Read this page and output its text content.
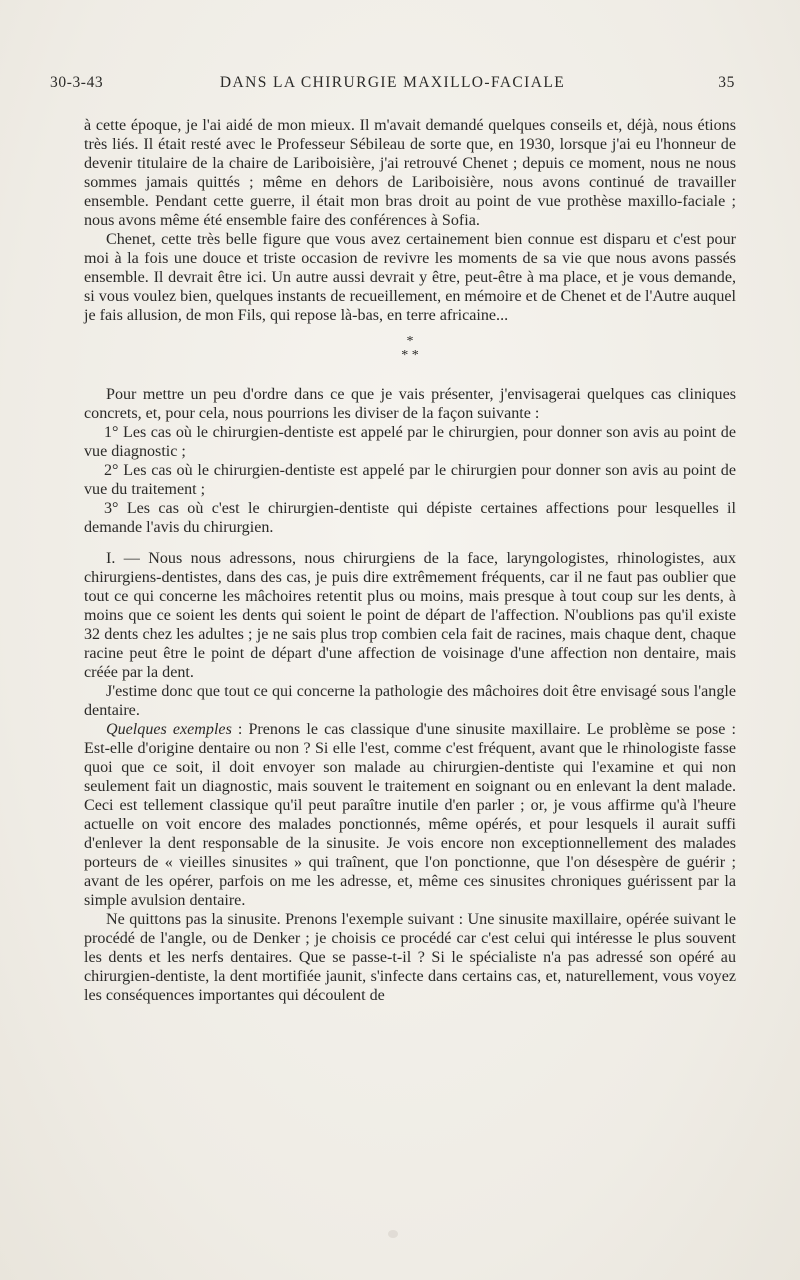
30-3-43	DANS LA CHIRURGIE MAXILLO-FACIALE	35

à cette époque, je l'ai aidé de mon mieux. Il m'avait demandé quelques conseils et, déjà, nous étions très liés. Il était resté avec le Professeur Sébileau de sorte que, en 1930, lorsque j'ai eu l'honneur de devenir titulaire de la chaire de Lariboisière, j'ai retrouvé Chenet ; depuis ce moment, nous ne nous sommes jamais quittés ; même en dehors de Lariboisière, nous avons continué de travailler ensemble. Pendant cette guerre, il était mon bras droit au point de vue prothèse maxillo-faciale ; nous avons même été ensemble faire des conférences à Sofia.

Chenet, cette très belle figure que vous avez certainement bien connue est disparu et c'est pour moi à la fois une douce et triste occasion de revivre les moments de sa vie que nous avons passés ensemble. Il devrait être ici. Un autre aussi devrait y être, peut-être à ma place, et je vous demande, si vous voulez bien, quelques instants de recueillement, en mémoire et de Chenet et de l'Autre auquel je fais allusion, de mon Fils, qui repose là-bas, en terre africaine...

*
* *

Pour mettre un peu d'ordre dans ce que je vais présenter, j'envisagerai quelques cas cliniques concrets, et, pour cela, nous pourrions les diviser de la façon suivante :

1° Les cas où le chirurgien-dentiste est appelé par le chirurgien, pour donner son avis au point de vue diagnostic ;

2° Les cas où le chirurgien-dentiste est appelé par le chirurgien pour donner son avis au point de vue du traitement ;

3° Les cas où c'est le chirurgien-dentiste qui dépiste certaines affections pour lesquelles il demande l'avis du chirurgien.

I. — Nous nous adressons, nous chirurgiens de la face, laryngologistes, rhinologistes, aux chirurgiens-dentistes, dans des cas, je puis dire extrêmement fréquents, car il ne faut pas oublier que tout ce qui concerne les mâchoires retentit plus ou moins, mais presque à tout coup sur les dents, à moins que ce soient les dents qui soient le point de départ de l'affection. N'oublions pas qu'il existe 32 dents chez les adultes ; je ne sais plus trop combien cela fait de racines, mais chaque dent, chaque racine peut être le point de départ d'une affection de voisinage d'une affection non dentaire, mais créée par la dent.

J'estime donc que tout ce qui concerne la pathologie des mâchoires doit être envisagé sous l'angle dentaire.

Quelques exemples : Prenons le cas classique d'une sinusite maxillaire. Le problème se pose : Est-elle d'origine dentaire ou non ? Si elle l'est, comme c'est fréquent, avant que le rhinologiste fasse quoi que ce soit, il doit envoyer son malade au chirurgien-dentiste qui l'examine et qui non seulement fait un diagnostic, mais souvent le traitement en soignant ou en enlevant la dent malade. Ceci est tellement classique qu'il peut paraître inutile d'en parler ; or, je vous affirme qu'à l'heure actuelle on voit encore des malades ponctionnés, même opérés, et pour lesquels il aurait suffi d'enlever la dent responsable de la sinusite. Je vois encore non exceptionnellement des malades porteurs de « vieilles sinusites » qui traînent, que l'on ponctionne, que l'on désespère de guérir ; avant de les opérer, parfois on me les adresse, et, même ces sinusites chroniques guérissent par la simple avulsion dentaire.

Ne quittons pas la sinusite. Prenons l'exemple suivant : Une sinusite maxillaire, opérée suivant le procédé de l'angle, ou de Denker ; je choisis ce procédé car c'est celui qui intéresse le plus souvent les dents et les nerfs dentaires. Que se passe-t-il ? Si le spécialiste n'a pas adressé son opéré au chirurgien-dentiste, la dent mortifiée jaunit, s'infecte dans certains cas, et, naturellement, vous voyez les conséquences importantes qui découlent de
